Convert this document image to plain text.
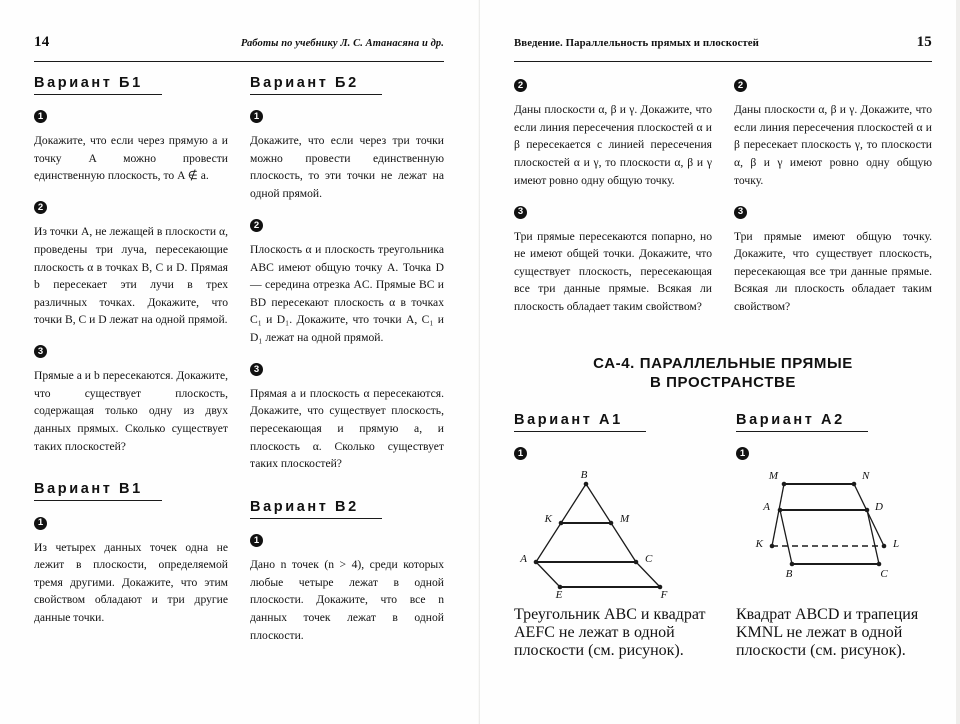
14	Работы по учебнику Л. С. Атанасяна и др.
Вариант Б1
1

Докажите, что если через прямую a и точку A можно провести единственную плоскость, то A ∉ a.

2

Из точки A, не лежащей в плоскости α, проведены три луча, пересекающие плоскость α в точках B, C и D. Прямая b пересекает эти лучи в трех различных точках. Докажите, что точки B, C и D лежат на одной прямой.

3

Прямые a и b пересекаются. Докажите, что существует плоскость, содержащая только одну из двух данных прямых. Сколько существует таких плоскостей?

Вариант В1
1

Из четырех данных точек одна не лежит в плоскости, определяемой тремя другими. Докажите, что этим свойством обладают и три другие данные точки.

Вариант Б2
1

Докажите, что если через три точки можно провести единственную плоскость, то эти точки не лежат на одной прямой.

2

Плоскость α и плоскость треугольника ABC имеют общую точку A. Точка D — середина отрезка AC. Прямые BC и BD пересекают плоскость α в точках C₁ и D₁. Докажите, что точки A, C₁ и D₁ лежат на одной прямой.

3

Прямая a и плоскость α пересекаются. Докажите, что существует плоскость, пересекающая и прямую a, и плоскость α. Сколько существует таких плоскостей?

Вариант В2
1

Дано n точек (n > 4), среди которых любые четыре лежат в одной плоскости. Докажите, что все n данных точек лежат в одной плоскости.

Введение. Параллельность прямых и плоскостей	15
2

Даны плоскости α, β и γ. Докажите, что если линия пересечения плоскостей α и β пересекается с линией пересечения плоскостей α и γ, то плоскости α, β и γ имеют ровно одну общую точку.

3

Три прямые пересекаются попарно, но не имеют общей точки. Докажите, что существует плоскость, пересекающая все три данные прямые. Всякая ли плоскость обладает таким свойством?

2

Даны плоскости α, β и γ. Докажите, что если линия пересечения плоскостей α и β пересекает плоскость γ, то плоскости α, β и γ имеют ровно одну общую точку.

3

Три прямые имеют общую точку. Докажите, что существует плоскость, пересекающая все три данные прямые. Всякая ли плоскость обладает таким свойством?

СА-4. ПАРАЛЛЕЛЬНЫЕ ПРЯМЫЕ
В ПРОСТРАНСТВЕ
Вариант А1
1
B
K	M
A	C
E	F

Треугольник ABC и квадрат AEFC не лежат в одной плоскости (см. рисунок).

Вариант А2
1
M	N
A	D
K	L
B	C

Квадрат ABCD и трапеция KMNL не лежат в одной плоскости (см. рисунок).
